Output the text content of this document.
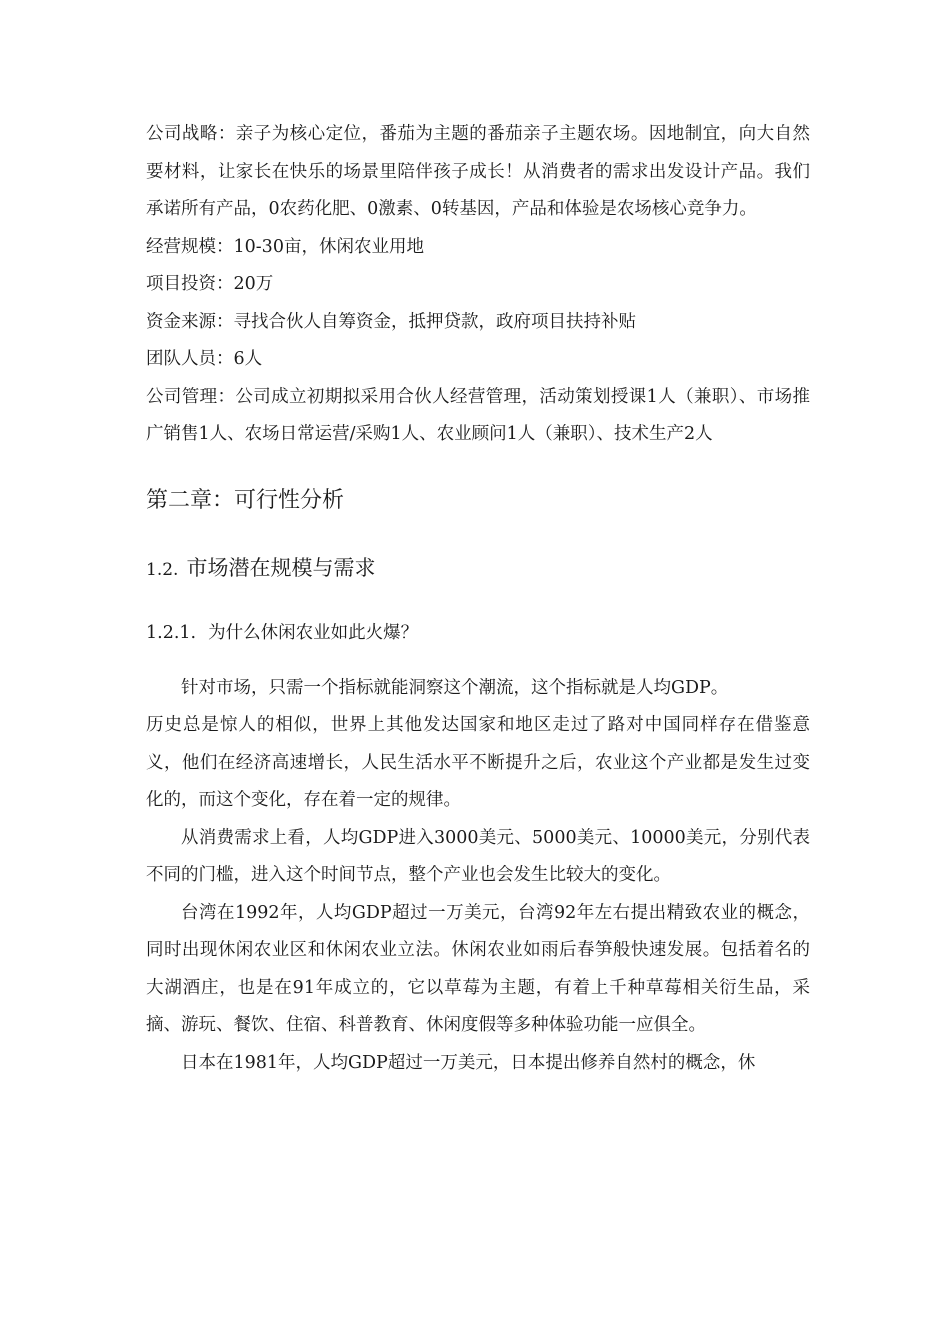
公司战略：亲子为核心定位，番茄为主题的番茄亲子主题农场。因地制宜，向大自然要材料，让家长在快乐的场景里陪伴孩子成长！从消费者的需求出发设计产品。我们承诺所有产品，0农药化肥、0激素、0转基因，产品和体验是农场核心竞争力。

经营规模：10-30亩，休闲农业用地

项目投资：20万

资金来源：寻找合伙人自筹资金，抵押贷款，政府项目扶持补贴

团队人员：6人

公司管理：公司成立初期拟采用合伙人经营管理，活动策划授课1人（兼职）、市场推广销售1人、农场日常运营/采购1人、农业顾问1人（兼职）、技术生产2人

第二章：可行性分析
1.2. 市场潜在规模与需求
1.2.1. 为什么休闲农业如此火爆？

针对市场，只需一个指标就能洞察这个潮流，这个指标就是人均GDP。

历史总是惊人的相似，世界上其他发达国家和地区走过了路对中国同样存在借鉴意义，他们在经济高速增长，人民生活水平不断提升之后，农业这个产业都是发生过变化的，而这个变化，存在着一定的规律。

从消费需求上看，人均GDP进入3000美元、5000美元、10000美元，分别代表不同的门槛，进入这个时间节点，整个产业也会发生比较大的变化。

台湾在1992年，人均GDP超过一万美元，台湾92年左右提出精致农业的概念，同时出现休闲农业区和休闲农业立法。休闲农业如雨后春笋般快速发展。包括着名的大湖酒庄，也是在91年成立的，它以草莓为主题，有着上千种草莓相关衍生品，采摘、游玩、餐饮、住宿、科普教育、休闲度假等多种体验功能一应俱全。

日本在1981年，人均GDP超过一万美元，日本提出修养自然村的概念，休
